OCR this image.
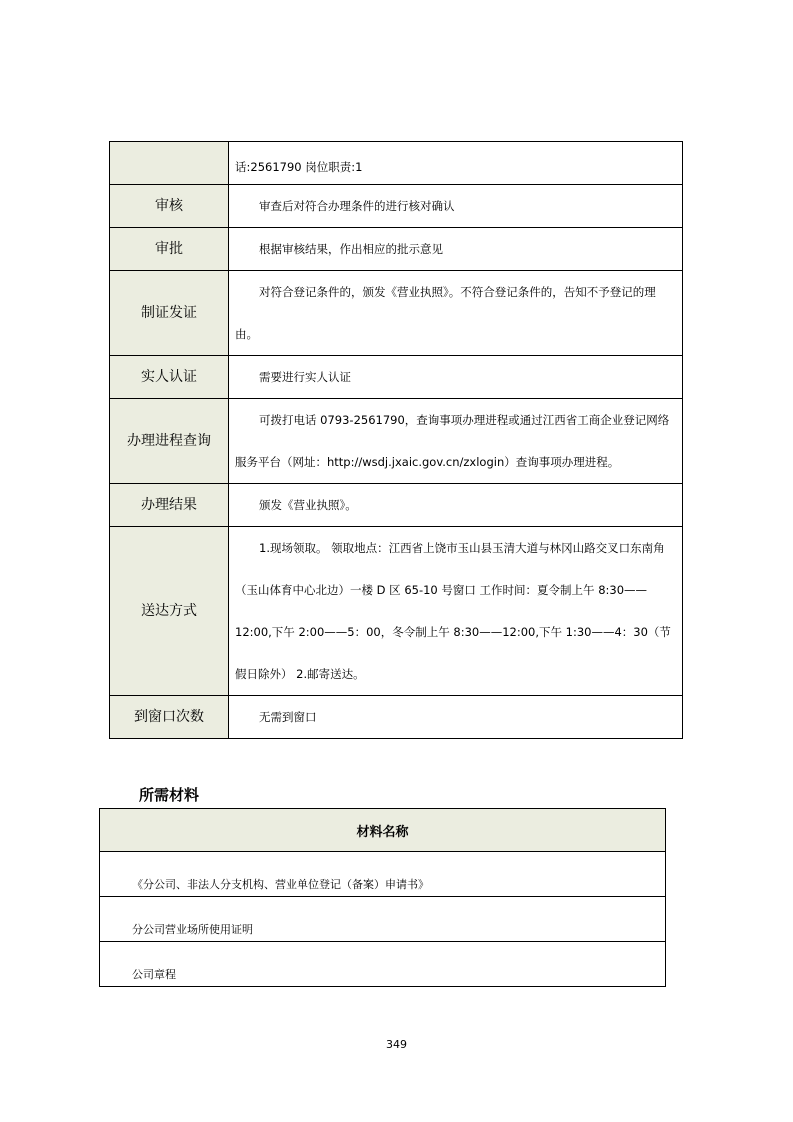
	话:2561790 岗位职责:1
审核	审查后对符合办理条件的进行核对确认
审批	根据审核结果，作出相应的批示意见
制证发证	对符合登记条件的，颁发《营业执照》。不符合登记条件的，告知不予登记的理由。

实人认证	需要进行实人认证
办理进程查询	可拨打电话 0793-2561790，查询事项办理进程或通过江西省工商企业登记网络服务平台（网址：http://wsdj.jxaic.gov.cn/zxlogin）查询事项办理进程。

办理结果	颁发《营业执照》。
送达方式	1.现场领取。 领取地点：江西省上饶市玉山县玉清大道与林冈山路交叉口东南角（玉山体育中心北边）一楼 D 区 65-10 号窗口 工作时间：夏令制上午 8:30——12:00,下午 2:00——5：00，冬令制上午 8:30——12:00,下午 1:30——4：30（节假日除外） 2.邮寄送达。

到窗口次数	无需到窗口
所需材料
材料名称
《分公司、非法人分支机构、营业单位登记（备案）申请书》
分公司营业场所使用证明
公司章程
349
